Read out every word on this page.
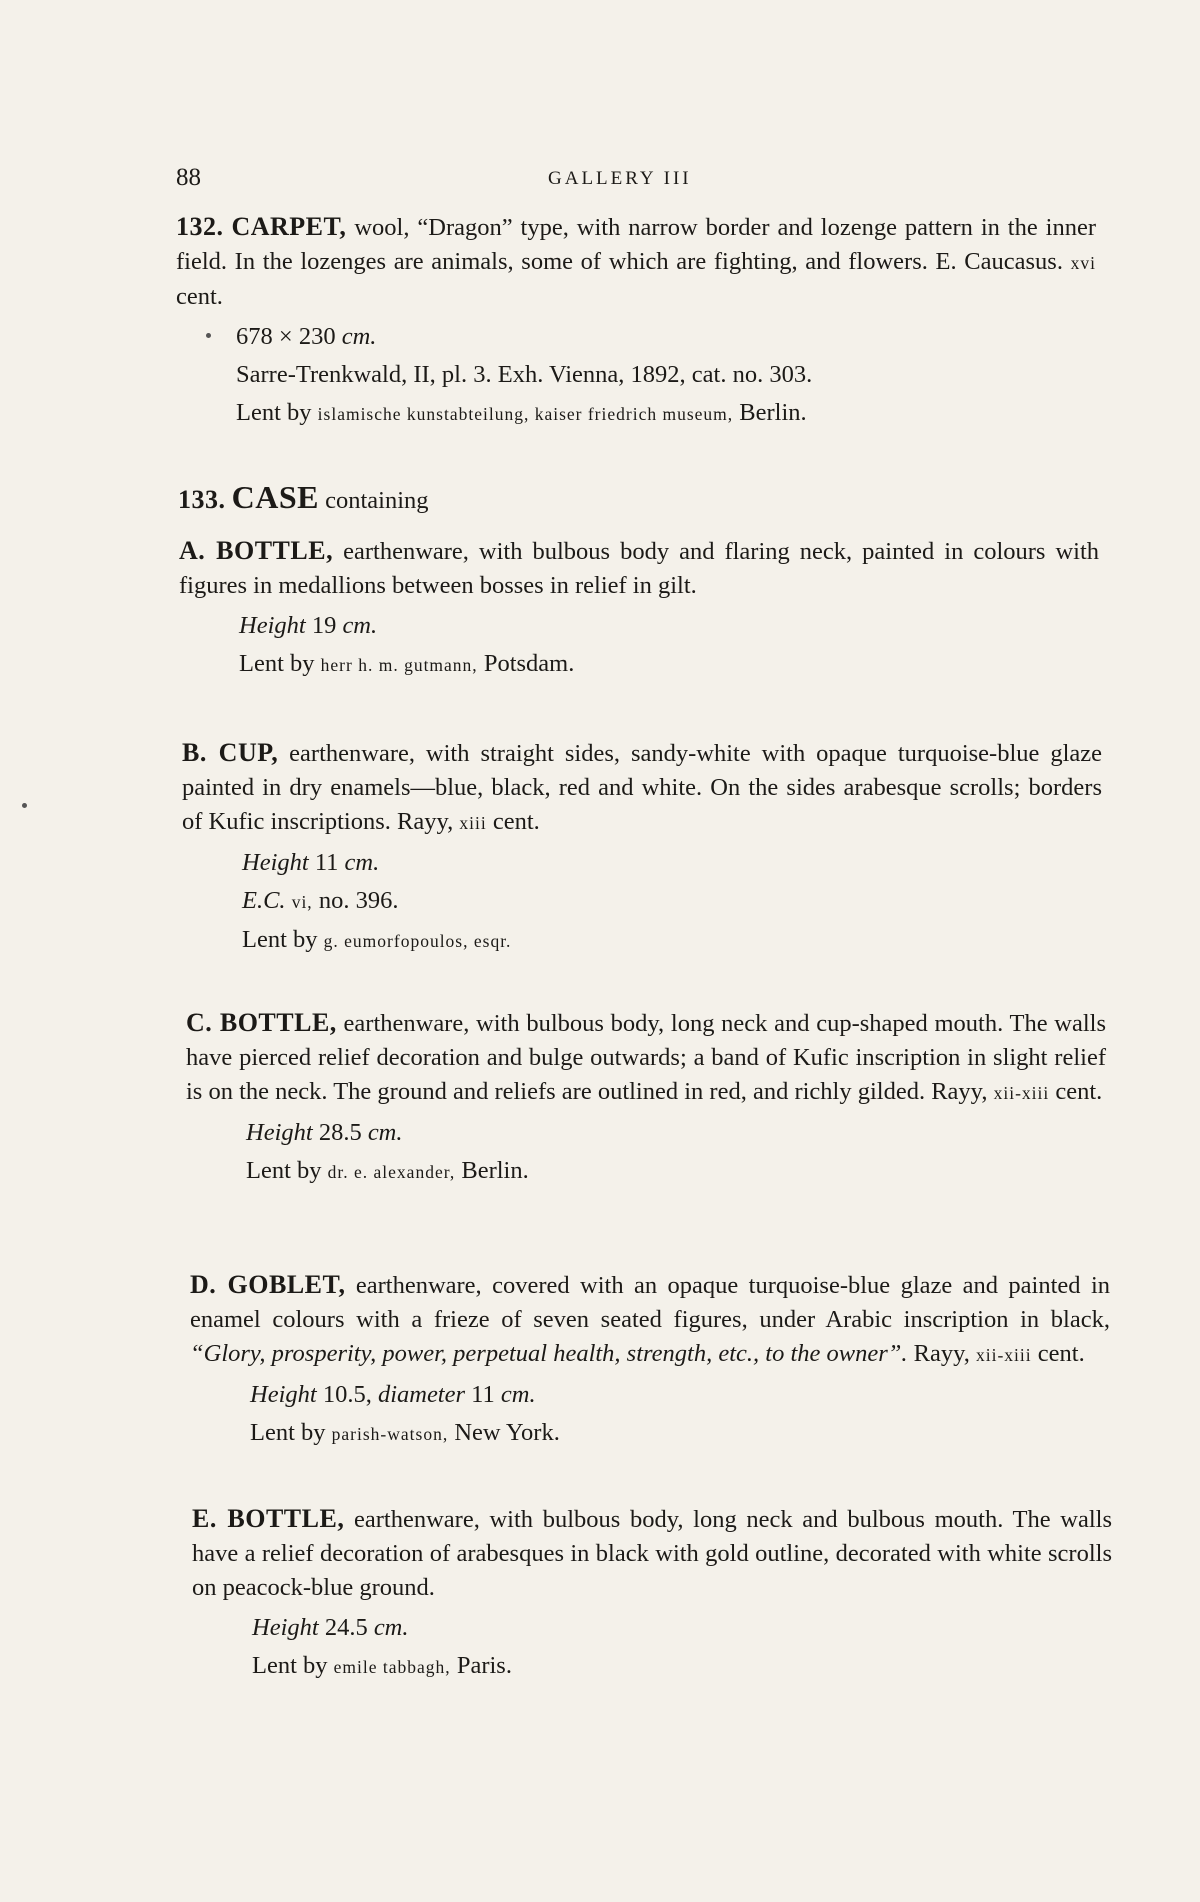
88	GALLERY III

132. CARPET, wool, “Dragon” type, with narrow border and lozenge pattern in the inner field. In the lozenges are animals, some of which are fighting, and flowers. E. Caucasus. xvi cent.

678 × 230 cm.

Sarre-Trenkwald, II, pl. 3. Exh. Vienna, 1892, cat. no. 303.

Lent by islamische kunstabteilung, kaiser friedrich museum, Berlin.

133. CASE containing

A. BOTTLE, earthenware, with bulbous body and flaring neck, painted in colours with figures in medallions between bosses in relief in gilt.

Height 19 cm.

Lent by herr h. m. gutmann, Potsdam.

B. CUP, earthenware, with straight sides, sandy-white with opaque turquoise-blue glaze painted in dry enamels—blue, black, red and white. On the sides arabesque scrolls; borders of Kufic inscriptions. Rayy, xiii cent.

Height 11 cm.

E.C. vi, no. 396.

Lent by g. eumorfopoulos, esqr.

C. BOTTLE, earthenware, with bulbous body, long neck and cup-shaped mouth. The walls have pierced relief decoration and bulge outwards; a band of Kufic inscription in slight relief is on the neck. The ground and reliefs are outlined in red, and richly gilded. Rayy, xii-xiii cent.

Height 28.5 cm.

Lent by dr. e. alexander, Berlin.

D. GOBLET, earthenware, covered with an opaque turquoise-blue glaze and painted in enamel colours with a frieze of seven seated figures, under Arabic inscription in black, “Glory, prosperity, power, perpetual health, strength, etc., to the owner”. Rayy, xii-xiii cent.

Height 10.5, diameter 11 cm.

Lent by parish-watson, New York.

E. BOTTLE, earthenware, with bulbous body, long neck and bulbous mouth. The walls have a relief decoration of arabesques in black with gold outline, decorated with white scrolls on peacock-blue ground.

Height 24.5 cm.

Lent by emile tabbagh, Paris.
